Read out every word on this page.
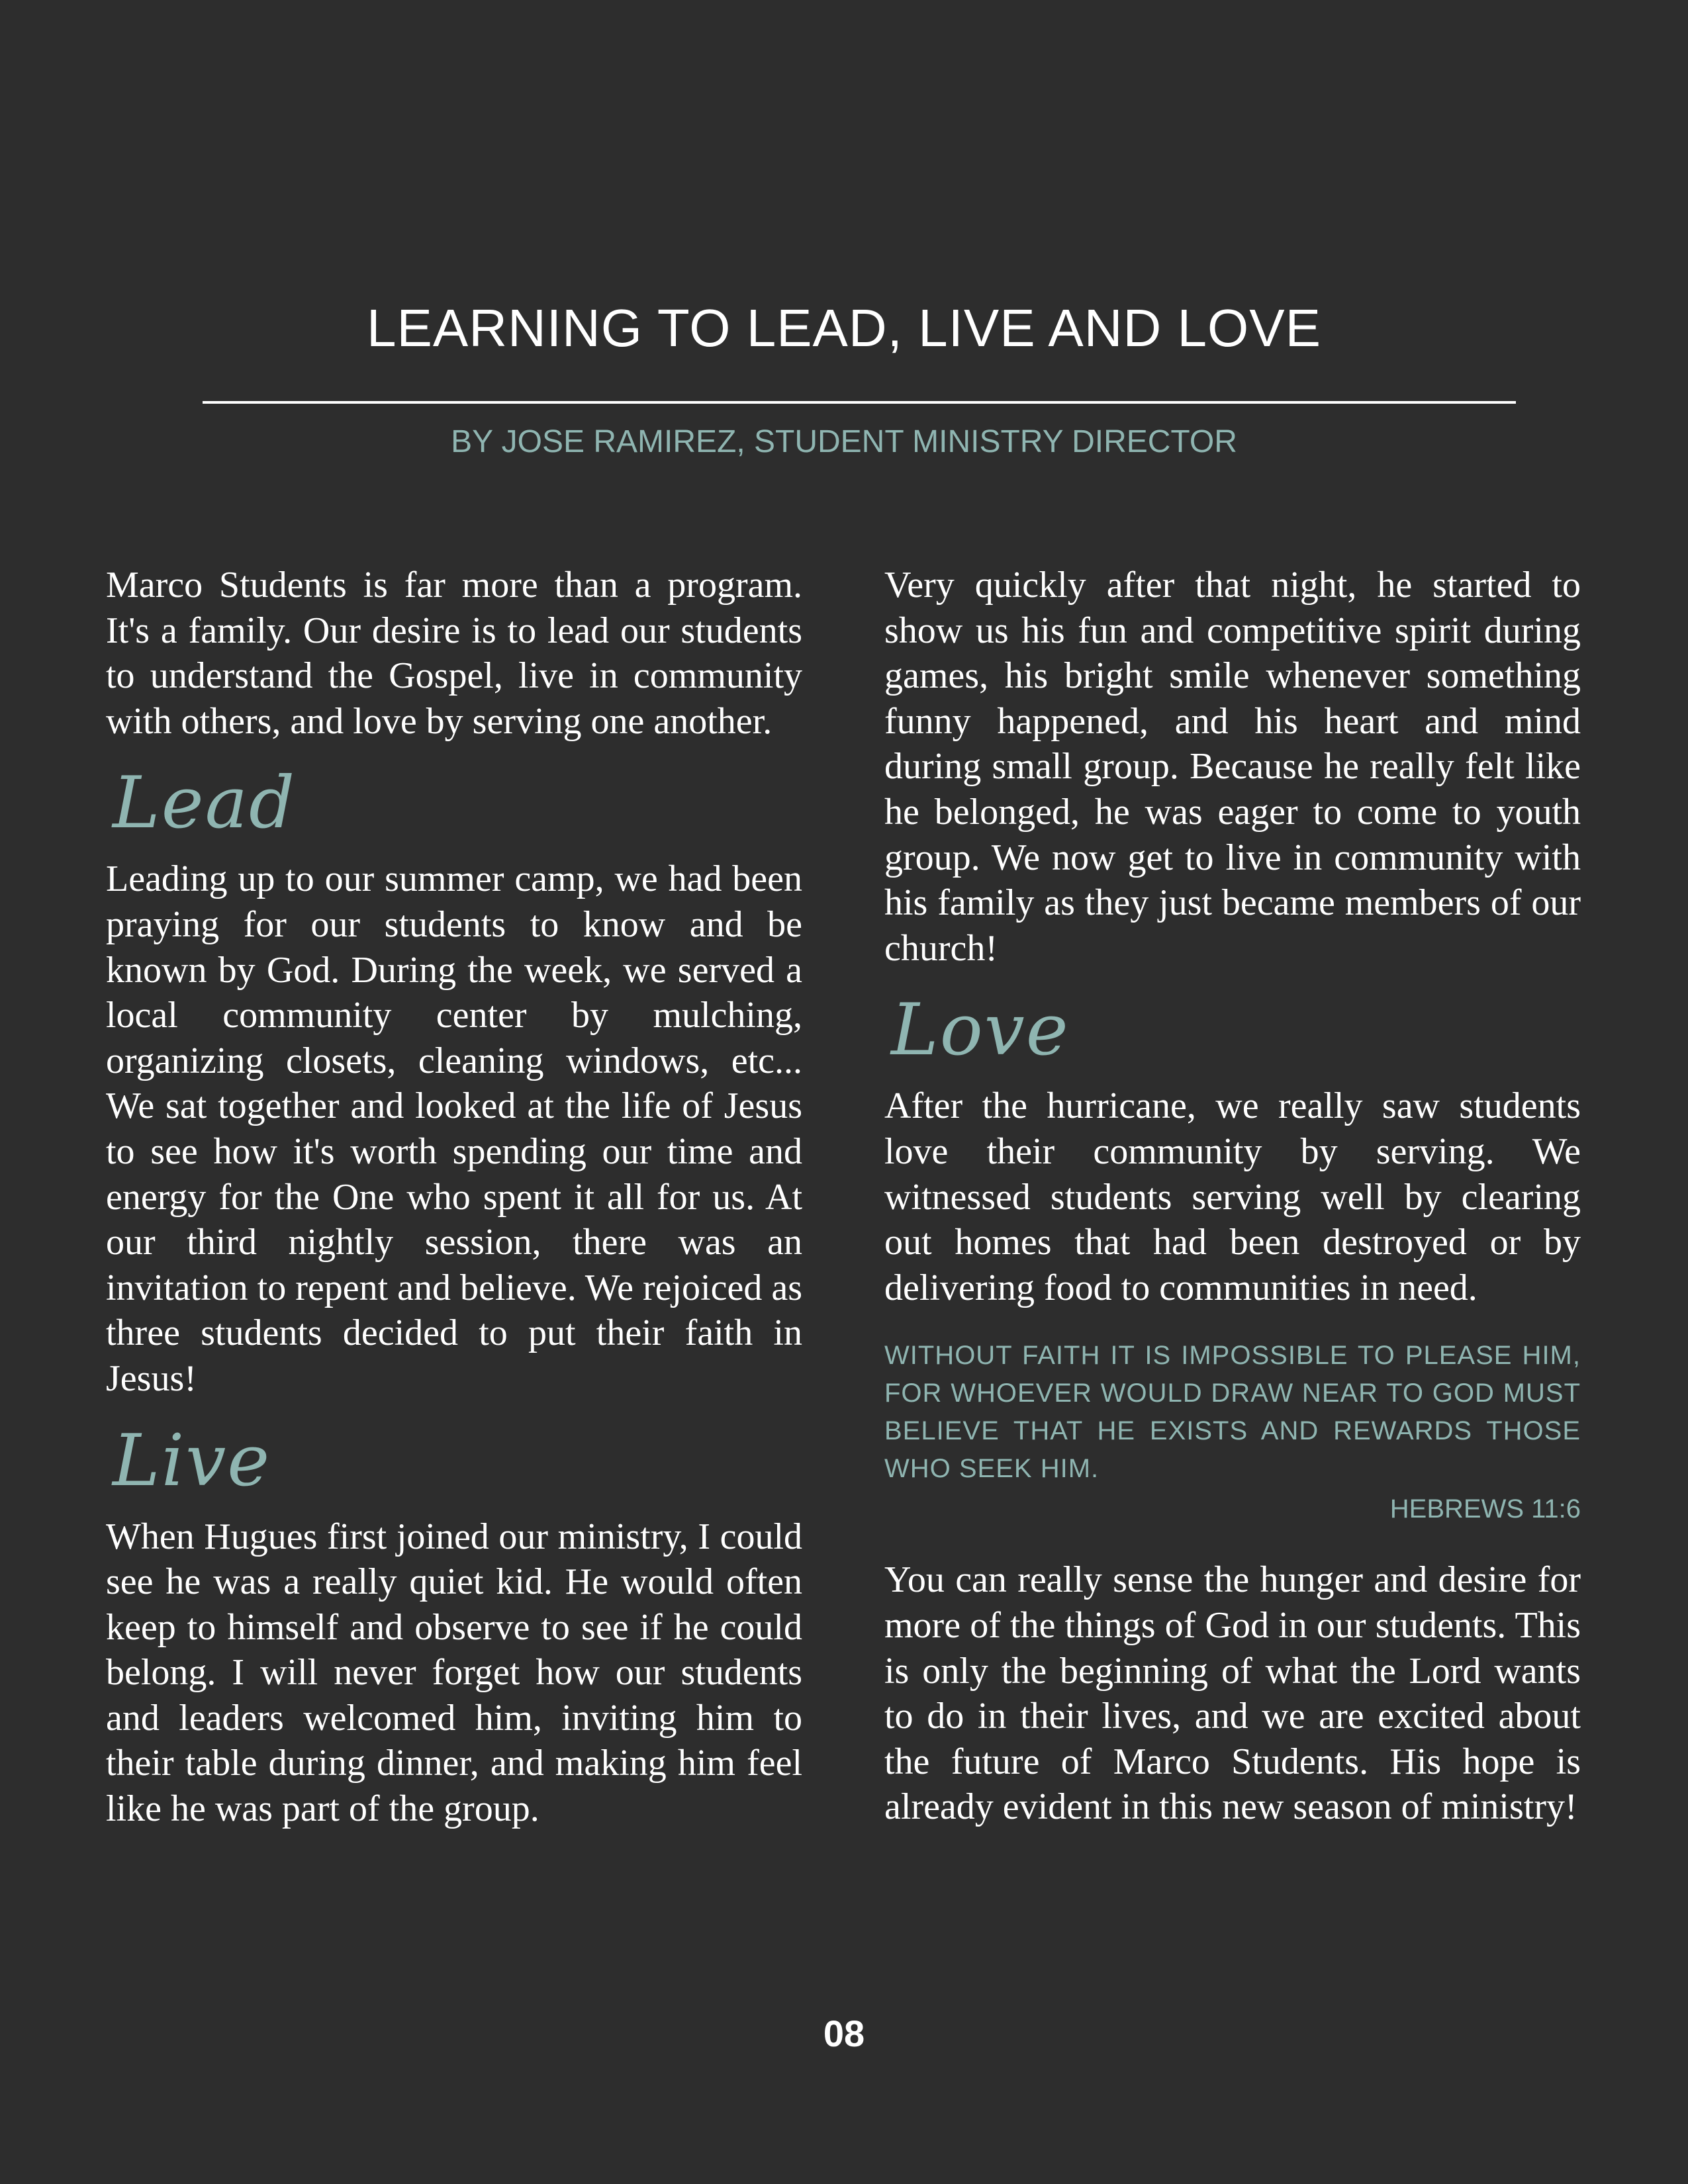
LEARNING TO LEAD, LIVE AND LOVE
BY JOSE RAMIREZ, STUDENT MINISTRY DIRECTOR

Marco Students is far more than a program. It's a family. Our desire is to lead our students to understand the Gospel, live in community with others, and love by serving one another.

Lead

Leading up to our summer camp, we had been praying for our students to know and be known by God. During the week, we served a local community center by mulching, organizing closets, cleaning windows, etc... We sat together and looked at the life of Jesus to see how it's worth spending our time and energy for the One who spent it all for us. At our third nightly session, there was an invitation to repent and believe. We rejoiced as three students decided to put their faith in Jesus!

Live

When Hugues first joined our ministry, I could see he was a really quiet kid. He would often keep to himself and observe to see if he could belong. I will never forget how our students and leaders welcomed him, inviting him to their table during dinner, and making him feel like he was part of the group.

Very quickly after that night, he started to show us his fun and competitive spirit during games, his bright smile whenever something funny happened, and his heart and mind during small group. Because he really felt like he belonged, he was eager to come to youth group. We now get to live in community with his family as they just became members of our church!

Love

After the hurricane, we really saw students love their community by serving. We witnessed students serving well by clearing out homes that had been destroyed or by delivering food to communities in need.

WITHOUT FAITH IT IS IMPOSSIBLE TO PLEASE HIM, FOR WHOEVER WOULD DRAW NEAR TO GOD MUST BELIEVE THAT HE EXISTS AND REWARDS THOSE WHO SEEK HIM.

HEBREWS 11:6

You can really sense the hunger and desire for more of the things of God in our students. This is only the beginning of what the Lord wants to do in their lives, and we are excited about the future of Marco Students. His hope is already evident in this new season of ministry!

08
